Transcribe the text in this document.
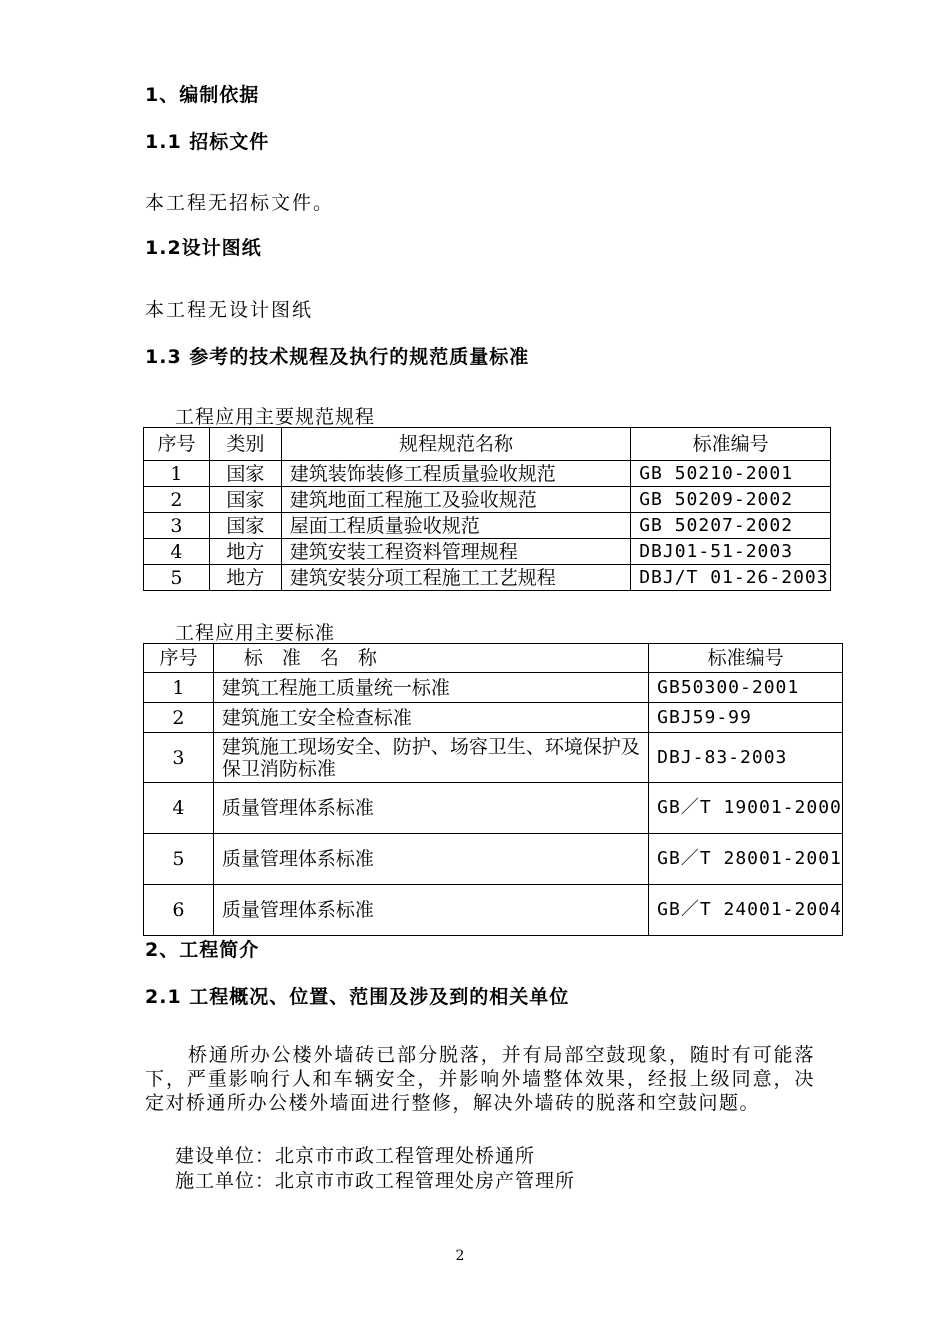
1、编制依据
1.1 招标文件
本工程无招标文件。
1.2设计图纸
本工程无设计图纸
1.3 参考的技术规程及执行的规范质量标准
工程应用主要规范规程
序号	类别	规程规范名称	标准编号
1	国家	建筑装饰装修工程质量验收规范	GB 50210-2001
2	国家	建筑地面工程施工及验收规范	GB 50209-2002
3	国家	屋面工程质量验收规范	GB 50207-2002
4	地方	建筑安装工程资料管理规程	DBJ01-51-2003
5	地方	建筑安装分项工程施工工艺规程	DBJ/T 01-26-2003
工程应用主要标准
序号	标　准　名　称	标准编号
1	建筑工程施工质量统一标准	GB50300-2001
2	建筑施工安全检查标准	GBJ59-99
3	建筑施工现场安全、防护、场容卫生、环境保护及保卫消防标准	DBJ-83-2003
4	质量管理体系标准	GB／T 19001-2000
5	质量管理体系标准	GB／T 28001-2001
6	质量管理体系标准	GB／T 24001-2004
2、工程简介
2.1 工程概况、位置、范围及涉及到的相关单位
桥通所办公楼外墙砖已部分脱落，并有局部空鼓现象，随时有可能落下，严重影响行人和车辆安全，并影响外墙整体效果，经报上级同意，决定对桥通所办公楼外墙面进行整修，解决外墙砖的脱落和空鼓问题。
建设单位：北京市市政工程管理处桥通所
施工单位：北京市市政工程管理处房产管理所
2
